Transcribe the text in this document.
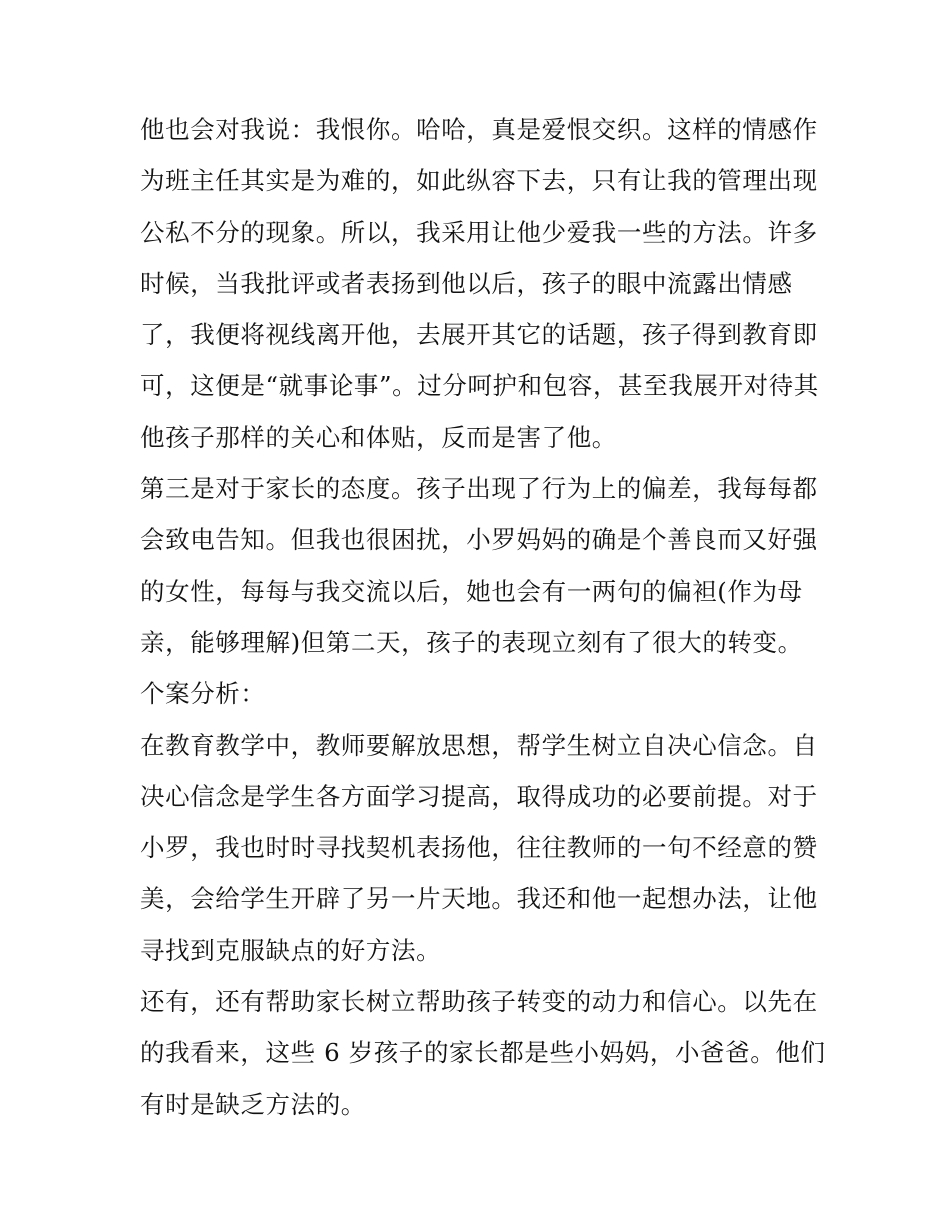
他也会对我说：我恨你。哈哈，真是爱恨交织。这样的情感作
为班主任其实是为难的，如此纵容下去，只有让我的管理出现
公私不分的现象。所以，我采用让他少爱我一些的方法。许多
时候，当我批评或者表扬到他以后，孩子的眼中流露出情感
了，我便将视线离开他，去展开其它的话题，孩子得到教育即
可，这便是“就事论事”。过分呵护和包容，甚至我展开对待其
他孩子那样的关心和体贴，反而是害了他。
第三是对于家长的态度。孩子出现了行为上的偏差，我每每都
会致电告知。但我也很困扰，小罗妈妈的确是个善良而又好强
的女性，每每与我交流以后，她也会有一两句的偏袒(作为母
亲，能够理解)但第二天，孩子的表现立刻有了很大的转变。
个案分析：
在教育教学中，教师要解放思想，帮学生树立自决心信念。自
决心信念是学生各方面学习提高，取得成功的必要前提。对于
小罗，我也时时寻找契机表扬他，往往教师的一句不经意的赞
美，会给学生开辟了另一片天地。我还和他一起想办法，让他
寻找到克服缺点的好方法。
还有，还有帮助家长树立帮助孩子转变的动力和信心。以先在
的我看来，这些 6 岁孩子的家长都是些小妈妈，小爸爸。他们
有时是缺乏方法的。
